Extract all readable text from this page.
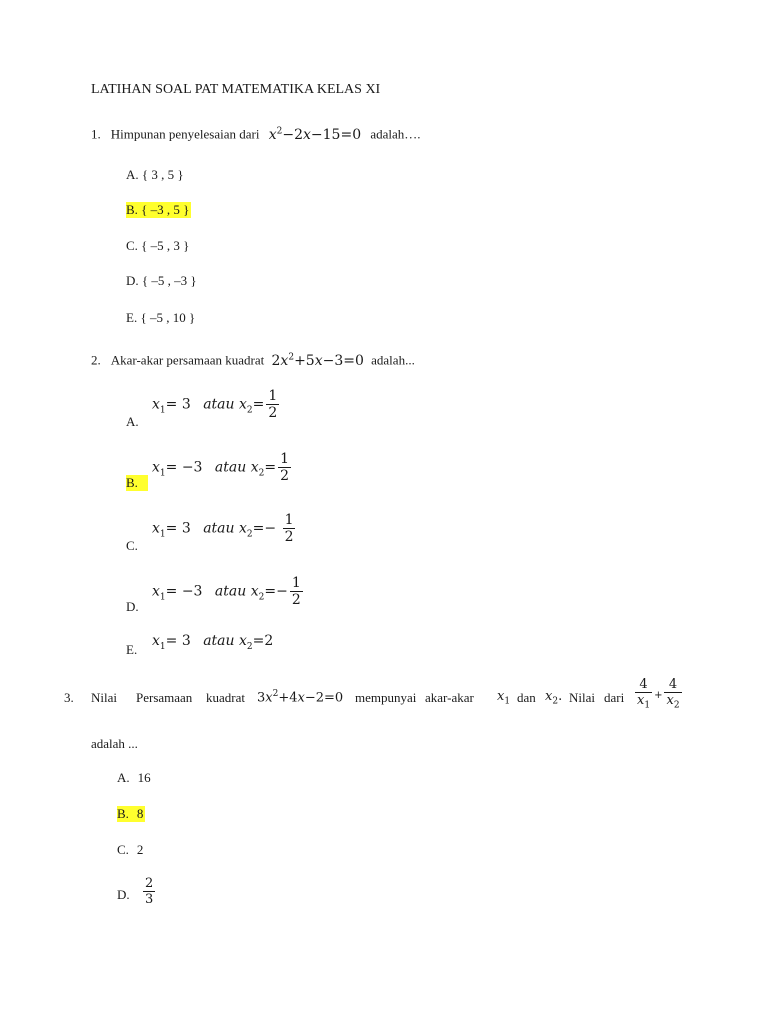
LATIHAN SOAL PAT MATEMATIKA KELAS XI
1. Himpunan penyelesaian dari $x^2-2x-15=0$ adalah….
A. { 3 , 5 }
B. { –3 , 5 }
C. { –5 , 3 }
D. { –5 , –3 }
E. { –5 , 10 }
2. Akar-akar persamaan kuadrat $2x^2+5x-3=0$ adalah...
A.
$x_1= 3$ atau $x_2= \frac{1}{2}$
B.
$x_1= -3$ atau $x_2= \frac{1}{2}$
C.
$x_1= 3$ atau $x_2=- \frac{1}{2}$
D.
$x_1= -3$ atau $x_2=- \frac{1}{2}$
E.
$x_1= 3$ atau $x_2=2$
3. Nilai Persamaan kuadrat $3x^2+4x-2=0$ mempunyai akar-akar $x_1$ dan $x_2$. Nilai dari $\frac{4}{x_1} + \frac{4}{x_2}$
adalah ...
A. 16
B. 8
C. 2
D. $\frac{2}{3}$
